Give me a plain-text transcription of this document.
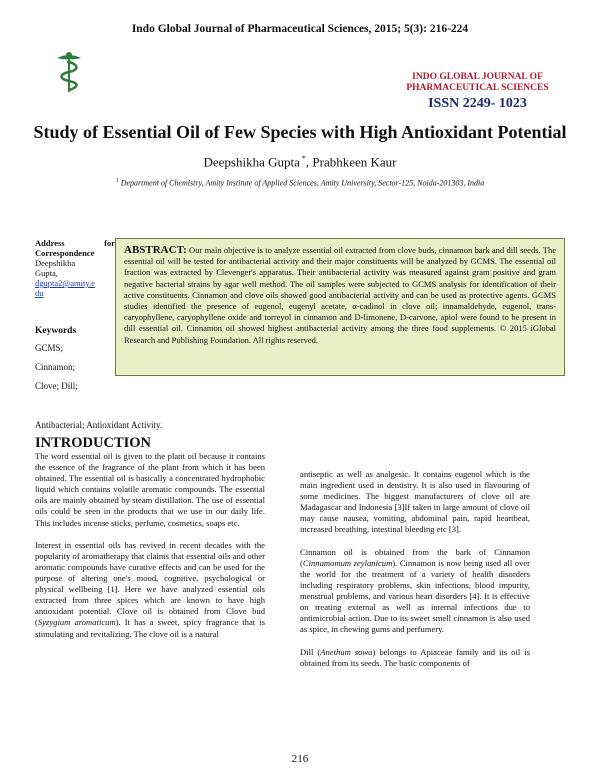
Indo Global Journal of Pharmaceutical Sciences, 2015; 5(3): 216-224
INDO GLOBAL JOURNAL OF
PHARMACEUTICAL SCIENCES
ISSN 2249- 1023
Study of Essential Oil of Few Species with High Antioxidant Potential
Deepshikha Gupta *, Prabhkeen Kaur
$^1$ Department of Chemistry, Amity Institute of Applied Sciences, Amity University, Sector-125, Noida-201303, India
Address	for
Correspondence
Deepshikha
Gupta,
dgupta2@amity.e
du
Keywords
GCMS;
Cinnamon;
Clove; Dill;
Antibacterial; Antioxidant Activity.
ABSTRACT: Our main objective is to analyze essential oil extracted from clove buds, cinnamon bark and dill seeds. The essential oil will be tested for antibacterial activity and their major constituents will be analyzed by GCMS. The essential oil fraction was extracted by Clevenger's apparatus. Their antibacterial activity was measured against gram positive and gram negative bacterial strains by agar well method. The oil samples were subjected to GCMS analysis for identification of their active constituents. Cinnamon and clove oils showed good antibacterial activity and can be used as protective agents. GCMS studies identified the presence of eugenol, eugenyl acetate, α-cadinol in clove oil; innamaldehyde, eugenol, trans-caryophyllene, caryophyllene oxide and torreyol in cinnamon and D-limonene, D-carvone, apiol were found to be present in dill essential oil. Cinnamon oil showed highest antibacterial activity among the three food supplements. © 2015 iGlobal Research and Publishing Foundation. All rights reserved.
INTRODUCTION

The word essential oil is given to the plant oil because it contains the essence of the fragrance of the plant from which it has been obtained. The essential oil is basically a concentrated hydrophobic liquid which contains volatile aromatic compounds. The essential oils are mainly obtained by steam distillation. The use of essential oils could be seen in the products that we use in our daily life. This includes incense sticks, perfume, cosmetics, soaps etc.

Interest in essential oils has revived in recent decades with the popularity of aromatherapy that claims that essential oils and other aromatic compounds have curative effects and can be used for the purpose of altering one's mood, cognitive, psychological or physical wellbeing [1]. Here we have analyzed essential oils extracted from three spices which are known to have high antioxidant potential. Clove oil is obtained from Clove bud (Syzygium aromaticum). It has a sweet, spicy fragrance that is stimulating and revitalizing. The clove oil is a natural

antiseptic as well as analgesic. It contains eugenol which is the main ingredient used in dentistry. It is also used in flavouring of some medicines. The biggest manufacturers of clove oil are Madagascar and Indonesia [3]If taken in large amount of clove oil may cause nausea, vomiting, abdominal pain, rapid heartbeat, increased breathing, intestinal bleeding etc [3].

Cinnamon oil is obtained from the bark of Cinnamon (Cinnamomum zeylanicum). Cinnamon is now being used all over the world for the treatment of a variety of health disorders including respiratory problems, skin infections, blood impurity, menstrual problems, and various heart disorders [4]. It is effective on treating external as well as internal infections due to antimicrobial action. Due to its sweet smell cinnamon is also used as spice, in chewing gums and perfumery.

Dill (Anethum sowa) belongs to Apiaceae family and its oil is obtained from its seeds. The basic components of

216
